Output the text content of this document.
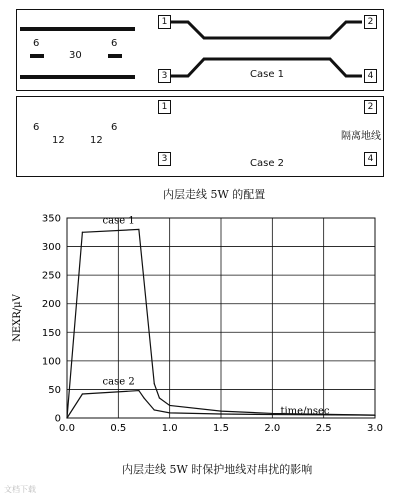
6
30
6
1	2
3	4
Case 1
6
12	12
6
1	2
3	4
隔离地线
Case 2
内层走线 5W 的配置
0.0	0.5	1.0	1.5	2.0	2.5	3.0
0
50
100
150
200
250
300
350
time/nsec
NEXR/μV
case 1
case 2
内层走线 5W 时保护地线对串扰的影响
文档下载
